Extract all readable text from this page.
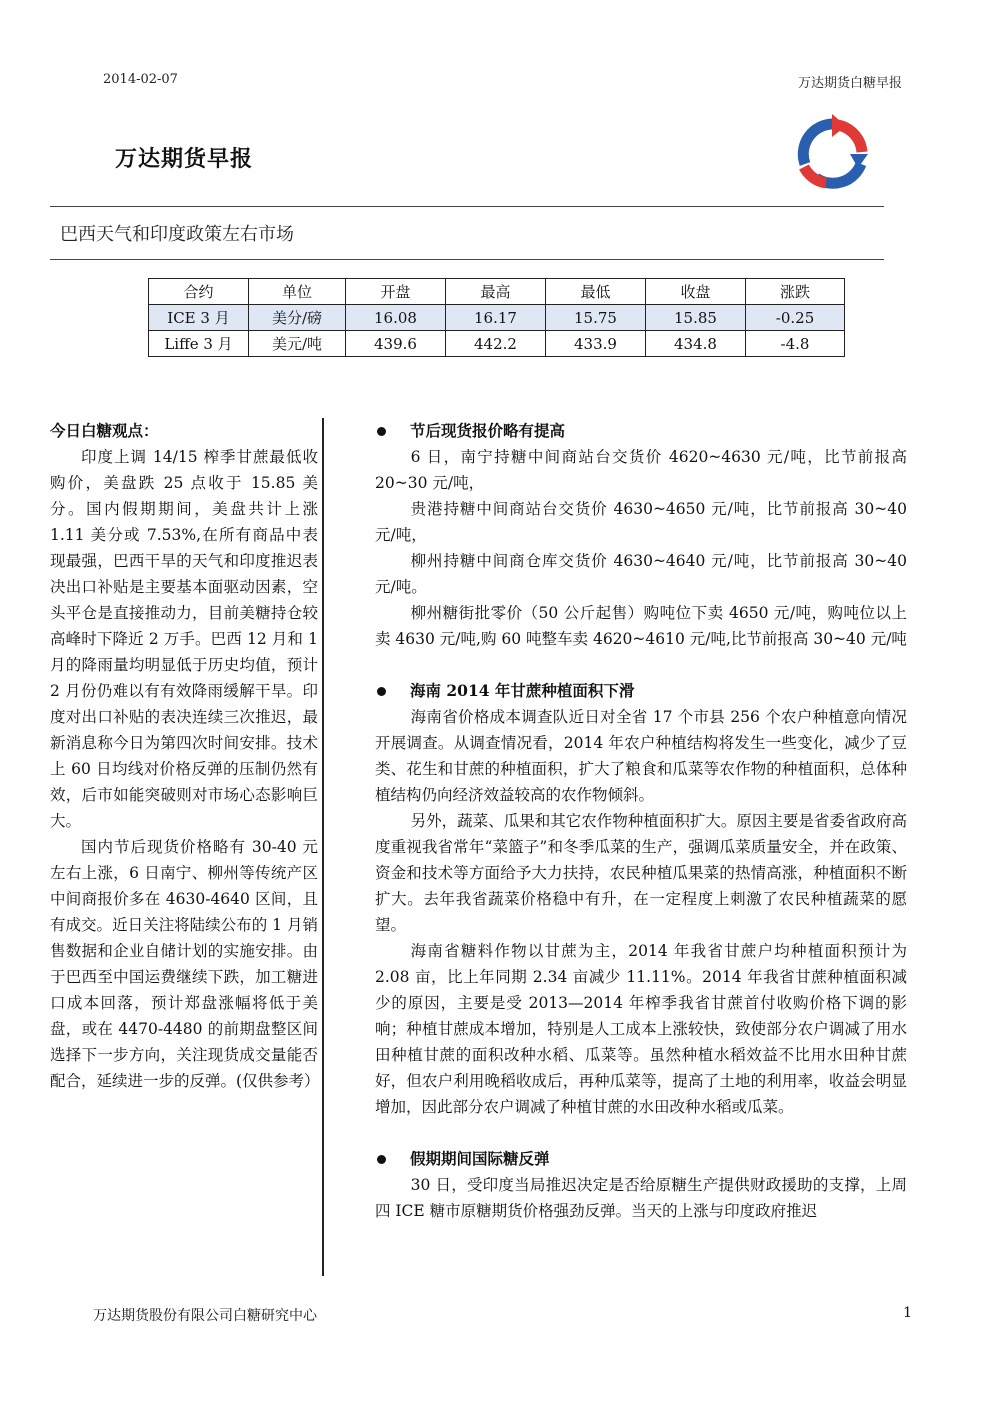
2014-02-07	万达期货白糖早报
万达期货早报
巴西天气和印度政策左右市场
合约	单位	开盘	最高	最低	收盘	涨跌
ICE 3 月	美分/磅	16.08	16.17	15.75	15.85	-0.25
Liffe 3 月	美元/吨	439.6	442.2	433.9	434.8	-4.8
今日白糖观点：

印度上调 14/15 榨季甘蔗最低收购价，美盘跌 25 点收于 15.85 美分。国内假期期间，美盘共计上涨 1.11 美分或 7.53%,在所有商品中表现最强，巴西干旱的天气和印度推迟表决出口补贴是主要基本面驱动因素，空头平仓是直接推动力，目前美糖持仓较高峰时下降近 2 万手。巴西 12 月和 1 月的降雨量均明显低于历史均值，预计 2 月份仍难以有有效降雨缓解干旱。印度对出口补贴的表决连续三次推迟，最新消息称今日为第四次时间安排。技术上 60 日均线对价格反弹的压制仍然有效，后市如能突破则对市场心态影响巨大。

国内节后现货价格略有 30-40 元左右上涨，6 日南宁、柳州等传统产区中间商报价多在 4630-4640 区间，且有成交。近日关注将陆续公布的 1 月销售数据和企业自储计划的实施安排。由于巴西至中国运费继续下跌，加工糖进口成本回落，预计郑盘涨幅将低于美盘，或在 4470-4480 的前期盘整区间选择下一步方向，关注现货成交量能否配合，延续进一步的反弹。(仅供参考）

节后现货报价略有提高

6 日，南宁持糖中间商站台交货价 4620~4630 元/吨，比节前报高 20~30 元/吨，

贵港持糖中间商站台交货价 4630~4650 元/吨，比节前报高 30~40 元/吨，

柳州持糖中间商仓库交货价 4630~4640 元/吨，比节前报高 30~40 元/吨。

柳州糖街批零价（50 公斤起售）购吨位下卖 4650 元/吨，购吨位以上卖 4630 元/吨,购 60 吨整车卖 4620~4610 元/吨,比节前报高 30~40 元/吨

海南 2014 年甘蔗种植面积下滑

海南省价格成本调查队近日对全省 17 个市县 256 个农户种植意向情况开展调查。从调查情况看，2014 年农户种植结构将发生一些变化，减少了豆类、花生和甘蔗的种植面积，扩大了粮食和瓜菜等农作物的种植面积，总体种植结构仍向经济效益较高的农作物倾斜。

另外，蔬菜、瓜果和其它农作物种植面积扩大。原因主要是省委省政府高度重视我省常年“菜篮子”和冬季瓜菜的生产，强调瓜菜质量安全，并在政策、资金和技术等方面给予大力扶持，农民种植瓜果菜的热情高涨，种植面积不断扩大。去年我省蔬菜价格稳中有升，在一定程度上刺激了农民种植蔬菜的愿望。

海南省糖料作物以甘蔗为主，2014 年我省甘蔗户均种植面积预计为 2.08 亩，比上年同期 2.34 亩减少 11.11%。2014 年我省甘蔗种植面积减少的原因，主要是受 2013—2014 年榨季我省甘蔗首付收购价格下调的影响；种植甘蔗成本增加，特别是人工成本上涨较快，致使部分农户调减了用水田种植甘蔗的面积改种水稻、瓜菜等。虽然种植水稻效益不比用水田种甘蔗好，但农户利用晚稻收成后，再种瓜菜等，提高了土地的利用率，收益会明显增加，因此部分农户调减了种植甘蔗的水田改种水稻或瓜菜。

假期期间国际糖反弹

30 日，受印度当局推迟决定是否给原糖生产提供财政援助的支撑，上周四 ICE 糖市原糖期货价格强劲反弹。当天的上涨与印度政府推迟

万达期货股份有限公司白糖研究中心	1
